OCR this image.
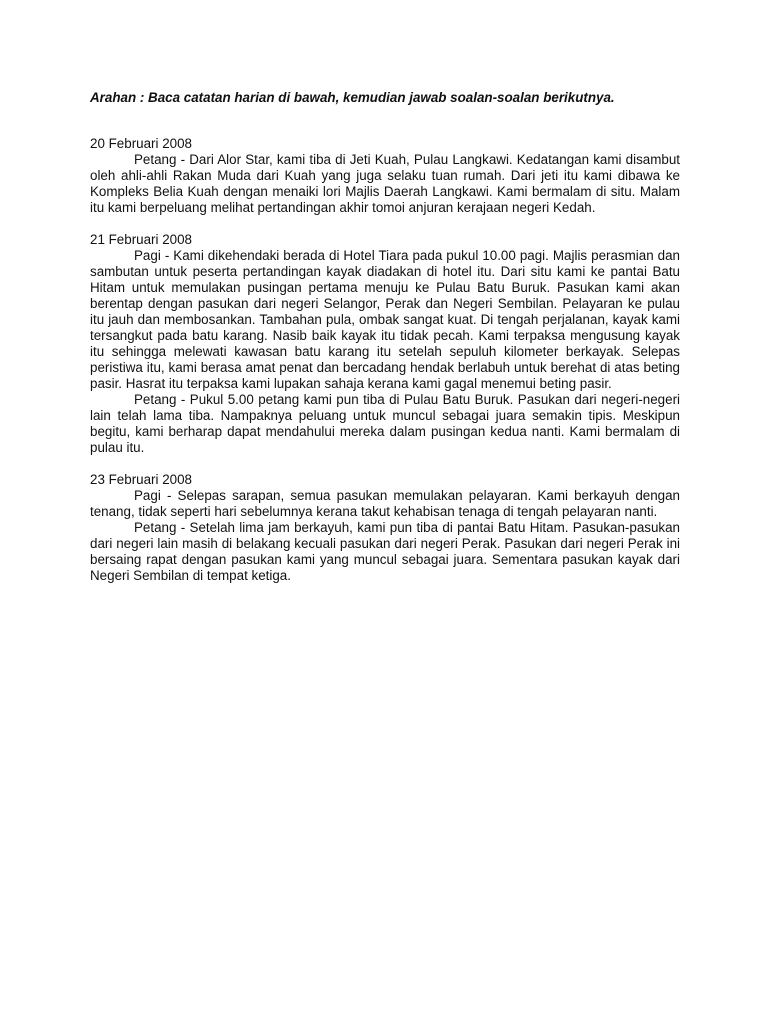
Arahan : Baca catatan harian di bawah, kemudian jawab soalan-soalan berikutnya.

20 Februari 2008

Petang - Dari Alor Star, kami tiba di Jeti Kuah, Pulau Langkawi. Kedatangan kami disambut oleh ahli-ahli Rakan Muda dari Kuah yang juga selaku tuan rumah. Dari jeti itu kami dibawa ke Kompleks Belia Kuah dengan menaiki lori Majlis Daerah Langkawi. Kami bermalam di situ. Malam itu kami berpeluang melihat pertandingan akhir tomoi anjuran kerajaan negeri Kedah.

21 Februari 2008

Pagi - Kami dikehendaki berada di Hotel Tiara pada pukul 10.00 pagi. Majlis perasmian dan sambutan untuk peserta pertandingan kayak diadakan di hotel itu. Dari situ kami ke pantai Batu Hitam untuk memulakan pusingan pertama menuju ke Pulau Batu Buruk. Pasukan kami akan berentap dengan pasukan dari negeri Selangor, Perak dan Negeri Sembilan. Pelayaran ke pulau itu jauh dan membosankan. Tambahan pula, ombak sangat kuat. Di tengah perjalanan, kayak kami tersangkut pada batu karang. Nasib baik kayak itu tidak pecah. Kami terpaksa mengusung kayak itu sehingga melewati kawasan batu karang itu setelah sepuluh kilometer berkayak. Selepas peristiwa itu, kami berasa amat penat dan bercadang hendak berlabuh untuk berehat di atas beting pasir. Hasrat itu terpaksa kami lupakan sahaja kerana kami gagal menemui beting pasir.

Petang - Pukul 5.00 petang kami pun tiba di Pulau Batu Buruk. Pasukan dari negeri-negeri lain telah lama tiba. Nampaknya peluang untuk muncul sebagai juara semakin tipis. Meskipun begitu, kami berharap dapat mendahului mereka dalam pusingan kedua nanti. Kami bermalam di pulau itu.

23 Februari 2008

Pagi - Selepas sarapan, semua pasukan memulakan pelayaran. Kami berkayuh dengan tenang, tidak seperti hari sebelumnya kerana takut kehabisan tenaga di tengah pelayaran nanti.

Petang - Setelah lima jam berkayuh, kami pun tiba di pantai Batu Hitam. Pasukan-pasukan dari negeri lain masih di belakang kecuali pasukan dari negeri Perak. Pasukan dari negeri Perak ini bersaing rapat dengan pasukan kami yang muncul sebagai juara. Sementara pasukan kayak dari Negeri Sembilan di tempat ketiga.
